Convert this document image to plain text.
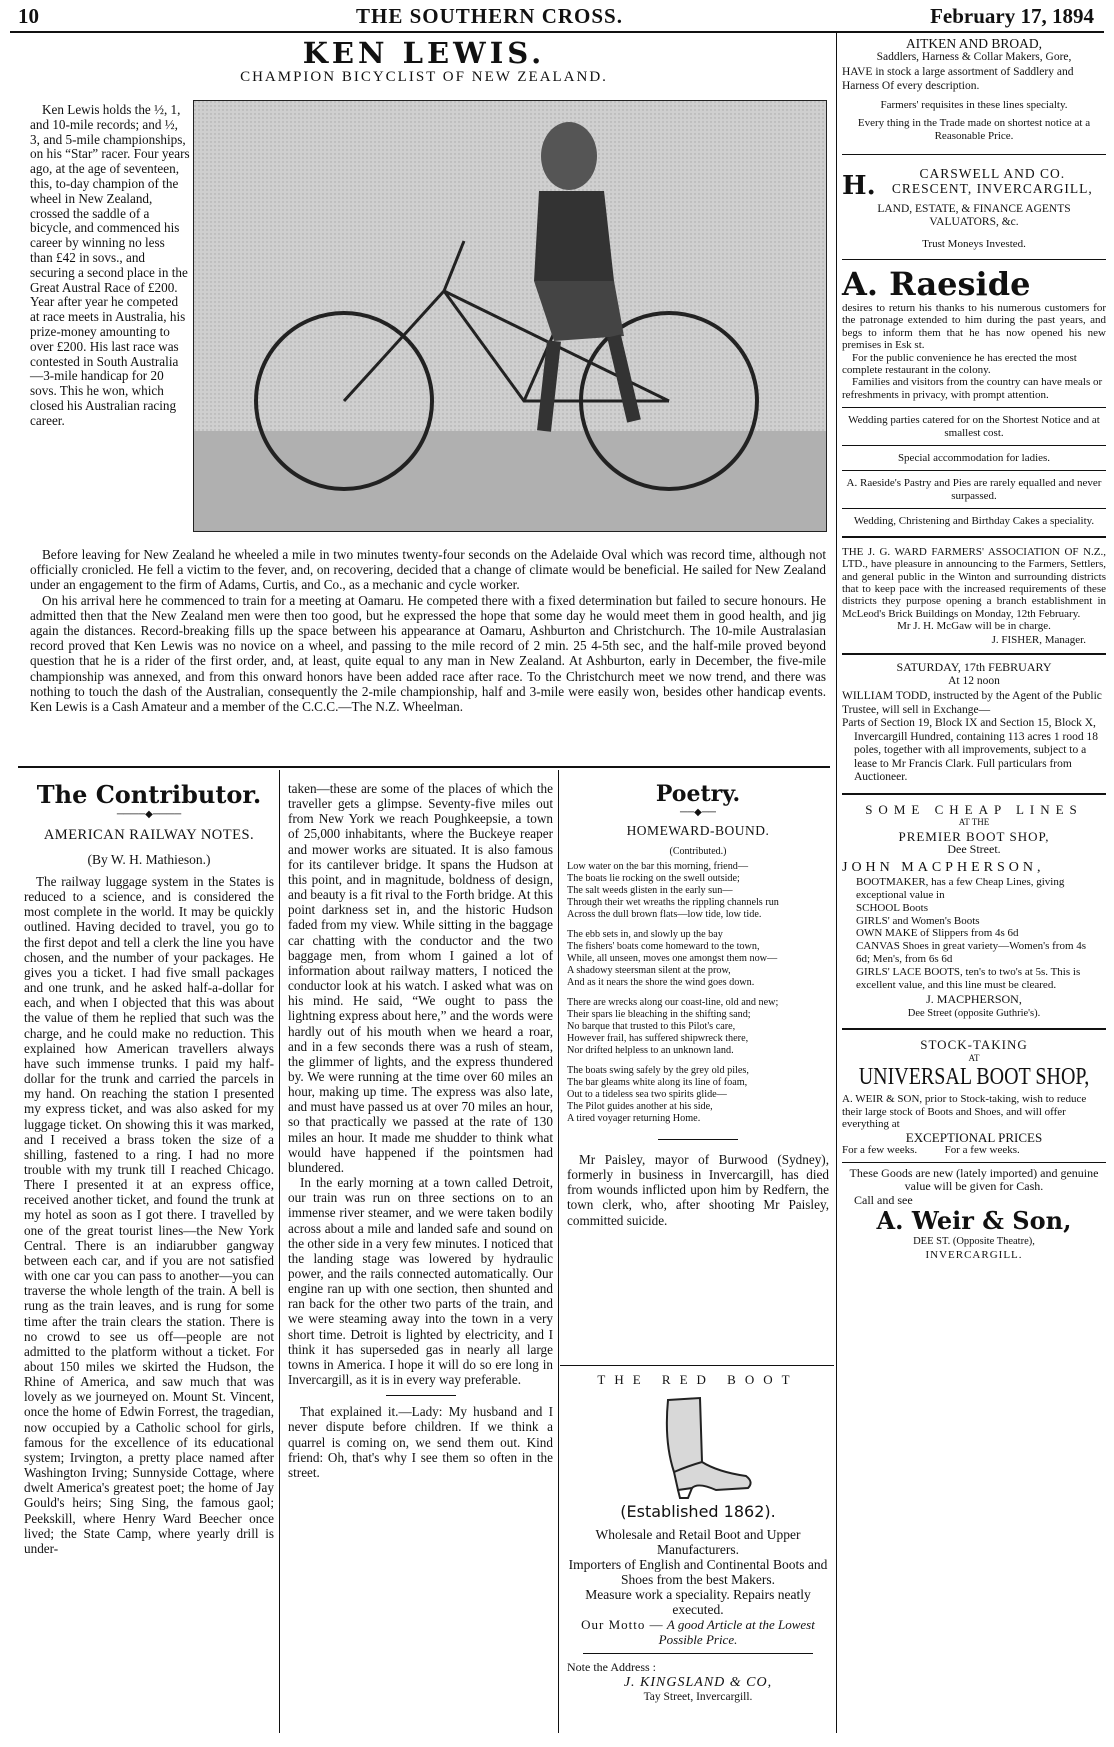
10	THE SOUTHERN CROSS.	February 17, 1894
KEN LEWIS.
CHAMPION BICYCLIST OF NEW ZEALAND.

Ken Lewis holds the ½, 1, and 10-mile records; and ½, 3, and 5-mile championships, on his “Star” racer. Four years ago, at the age of seventeen, this, to-day champion of the wheel in New Zealand, crossed the saddle of a bicycle, and commenced his career by winning no less than £42 in sovs., and securing a second place in the Great Austral Race of £200. Year after year he competed at race meets in Australia, his prize-money amounting to over £200. His last race was contested in South Australia—3-mile handicap for 20 sovs. This he won, which closed his Australian racing career.

Before leaving for New Zealand he wheeled a mile in two minutes twenty-four seconds on the Adelaide Oval which was record time, although not officially cronicled. He fell a victim to the fever, and, on recovering, decided that a change of climate would be beneficial. He sailed for New Zealand under an engagement to the firm of Adams, Curtis, and Co., as a mechanic and cycle worker.

On his arrival here he commenced to train for a meeting at Oamaru. He competed there with a fixed determination but failed to secure honours. He admitted then that the New Zealand men were then too good, but he expressed the hope that some day he would meet them in good health, and jig again the distances. Record-breaking fills up the space between his appearance at Oamaru, Ashburton and Christchurch. The 10-mile Australasian record proved that Ken Lewis was no novice on a wheel, and passing to the mile record of 2 min. 25 4-5th sec, and the half-mile proved beyond question that he is a rider of the first order, and, at least, quite equal to any man in New Zealand. At Ashburton, early in December, the five-mile championship was annexed, and from this onward honors have been added race after race. To the Christchurch meet we now trend, and there was nothing to touch the dash of the Australian, consequently the 2-mile championship, half and 3-mile were easily won, besides other handicap events. Ken Lewis is a Cash Amateur and a member of the C.C.C.—The N.Z. Wheelman.

The Contributor.
────◆────
AMERICAN RAILWAY NOTES.
(By W. H. Mathieson.)

The railway luggage system in the States is reduced to a science, and is considered the most complete in the world. It may be quickly outlined. Having decided to travel, you go to the first depot and tell a clerk the line you have chosen, and the number of your packages. He gives you a ticket. I had five small packages and one trunk, and he asked half-a-dollar for each, and when I objected that this was about the value of them he replied that such was the charge, and he could make no reduction. This explained how American travellers always have such immense trunks. I paid my half-dollar for the trunk and carried the parcels in my hand. On reaching the station I presented my express ticket, and was also asked for my luggage ticket. On showing this it was marked, and I received a brass token the size of a shilling, fastened to a ring. I had no more trouble with my trunk till I reached Chicago. There I presented it at an express office, received another ticket, and found the trunk at my hotel as soon as I got there. I travelled by one of the great tourist lines—the New York Central. There is an indiarubber gangway between each car, and if you are not satisfied with one car you can pass to another—you can traverse the whole length of the train. A bell is rung as the train leaves, and is rung for some time after the train clears the station. There is no crowd to see us off—people are not admitted to the platform without a ticket. For about 150 miles we skirted the Hudson, the Rhine of America, and saw much that was lovely as we journeyed on. Mount St. Vincent, once the home of Edwin Forrest, the tragedian, now occupied by a Catholic school for girls, famous for the excellence of its educational system; Irvington, a pretty place named after Washington Irving; Sunnyside Cottage, where dwelt America's greatest poet; the home of Jay Gould's heirs; Sing Sing, the famous gaol; Peekskill, where Henry Ward Beecher once lived; the State Camp, where yearly drill is under-

taken—these are some of the places of which the traveller gets a glimpse. Seventy-five miles out from New York we reach Poughkeepsie, a town of 25,000 inhabitants, where the Buckeye reaper and mower works are situated. It is also famous for its cantilever bridge. It spans the Hudson at this point, and in magnitude, boldness of design, and beauty is a fit rival to the Forth bridge. At this point darkness set in, and the historic Hudson faded from my view. While sitting in the baggage car chatting with the conductor and the two baggage men, from whom I gained a lot of information about railway matters, I noticed the conductor look at his watch. I asked what was on his mind. He said, “We ought to pass the lightning express about here,” and the words were hardly out of his mouth when we heard a roar, and in a few seconds there was a rush of steam, the glimmer of lights, and the express thundered by. We were running at the time over 60 miles an hour, making up time. The express was also late, and must have passed us at over 70 miles an hour, so that practically we passed at the rate of 130 miles an hour. It made me shudder to think what would have happened if the pointsmen had blundered.

In the early morning at a town called Detroit, our train was run on three sections on to an immense river steamer, and we were taken bodily across about a mile and landed safe and sound on the other side in a very few minutes. I noticed that the landing stage was lowered by hydraulic power, and the rails connected automatically. Our engine ran up with one section, then shunted and ran back for the other two parts of the train, and we were steaming away into the town in a very short time. Detroit is lighted by electricity, and I think it has superseded gas in nearly all large towns in America. I hope it will do so ere long in Invercargill, as it is in every way preferable.

That explained it.—Lady: My husband and I never dispute before children. If we think a quarrel is coming on, we send them out. Kind friend: Oh, that's why I see them so often in the street.

Poetry.
──◆──
HOMEWARD-BOUND.
(Contributed.)
Low water on the bar this morning, friend—
The boats lie rocking on the swell outside;
The salt weeds glisten in the early sun—
Through their wet wreaths the rippling channels run
Across the dull brown flats—low tide, low tide.
The ebb sets in, and slowly up the bay
The fishers' boats come homeward to the town,
While, all unseen, moves one amongst them now—
A shadowy steersman silent at the prow,
And as it nears the shore the wind goes down.
There are wrecks along our coast-line, old and new;
Their spars lie bleaching in the shifting sand;
No barque that trusted to this Pilot's care,
However frail, has suffered shipwreck there,
Nor drifted helpless to an unknown land.
The boats swing safely by the grey old piles,
The bar gleams white along its line of foam,
Out to a tideless sea two spirits glide—
The Pilot guides another at his side,
A tired voyager returning Home.

Mr Paisley, mayor of Burwood (Sydney), formerly in business in Invercargill, has died from wounds inflicted upon him by Redfern, the town clerk, who, after shooting Mr Paisley, committed suicide.

THE RED BOOT
(Established 1862).
Wholesale and Retail Boot and Upper Manufacturers.
Importers of English and Continental Boots and Shoes from the best Makers.
Measure work a speciality. Repairs neatly executed.
Our Motto — A good Article at the Lowest Possible Price.
Note the Address :
J. KINGSLAND & CO,
Tay Street, Invercargill.
AITKEN AND BROAD,
Saddlers, Harness & Collar Makers, Gore,
HAVE in stock a large assortment of Saddlery and Harness Of every description.
Farmers' requisites in these lines specialty.
Every thing in the Trade made on shortest notice at a Reasonable Price.
H.	CARSWELL AND CO.
CRESCENT, INVERCARGILL,
LAND, ESTATE, & FINANCE AGENTS VALUATORS, &c.
Trust Moneys Invested.
A. Raeside
desires to return his thanks to his numerous customers for the patronage extended to him during the past years, and begs to inform them that he has now opened his new premises in Esk st.
For the public convenience he has erected the most complete restaurant in the colony.
Families and visitors from the country can have meals or refreshments in privacy, with prompt attention.
Wedding parties catered for on the Shortest Notice and at smallest cost.
Special accommodation for ladies.
A. Raeside's Pastry and Pies are rarely equalled and never surpassed.
Wedding, Christening and Birthday Cakes a speciality.
THE J. G. WARD FARMERS' ASSOCIATION OF N.Z., LTD., have pleasure in announcing to the Farmers, Settlers, and general public in the Winton and surrounding districts that to keep pace with the increased requirements of these districts they purpose opening a branch establishment in McLeod's Brick Buildings on Monday, 12th February.
Mr J. H. McGaw will be in charge.
J. FISHER, Manager.
SATURDAY, 17th FEBRUARY
At 12 noon
WILLIAM TODD, instructed by the Agent of the Public Trustee, will sell in Exchange—
Parts of Section 19, Block IX and Section 15, Block X, Invercargill Hundred, containing 113 acres 1 rood 18 poles, together with all improvements, subject to a lease to Mr Francis Clark. Full particulars from Auctioneer.
SOME CHEAP LINES
AT THE
PREMIER BOOT SHOP,
Dee Street.
JOHN MACPHERSON,
BOOTMAKER, has a few Cheap Lines, giving exceptional value in
SCHOOL Boots
GIRLS' and Women's Boots
OWN MAKE of Slippers from 4s 6d
CANVAS Shoes in great variety—Women's from 4s 6d; Men's, from 6s 6d
GIRLS' LACE BOOTS, ten's to two's at 5s. This is excellent value, and this line must be cleared.
J. MACPHERSON,
Dee Street (opposite Guthrie's).
STOCK-TAKING
AT
UNIVERSAL BOOT SHOP,
A. WEIR & SON, prior to Stock-taking, wish to reduce their large stock of Boots and Shoes, and will offer everything at
EXCEPTIONAL PRICES
For a few weeks.          For a few weeks.
These Goods are new (lately imported) and genuine value will be given for Cash.
Call and see
A. Weir & Son,
DEE ST. (Opposite Theatre),
INVERCARGILL.
